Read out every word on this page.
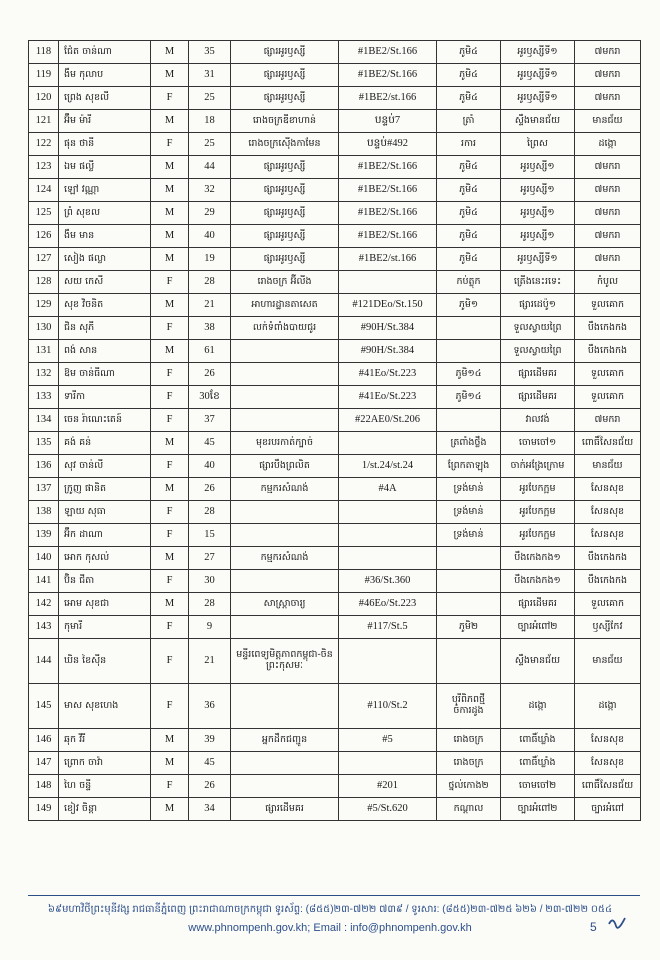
118	ជ៉ែត ចាន់ណា	M	35	ផ្សារអូរឫស្សី	#1BE2/St.166	ភូមិ៤	អូរឫស្សីទី១	៧មករា
119	ងឹម កុលាប	M	31	ផ្សារអូរឫស្សី	#1BE2/St.166	ភូមិ៤	អូរឫស្សីទី១	៧មករា
120	ព្រេង សុខលី	F	25	ផ្សារអូរឫស្សី	#1BE2/st.166	ភូមិ៤	អូរឫស្សីទី១	៧មករា
121	អ៊ឹម ម៉ារី	M	18	រោងចក្រឌីខាហាន់	បន្ទប់7	ត្រាំ	ស្ទឹងមានជ័យ	មានជ័យ
122	ផុន ថានី	F	25	រោងចក្រស៊ើងកាមែន	បន្ទប់#492	រការ	ព្រៃស	ដង្កោ
123	ឯម ផល្លី	M	44	ផ្សារអូរឫស្សី	#1BE2/St.166	ភូមិ៤	អូរឫស្សី១	៧មករា
124	ឡៅ វណ្ណា	M	32	ផ្សារអូរឫស្សី	#1BE2/St.166	ភូមិ៤	អូរឫស្សី១	៧មករា
125	ព្រំ សុខល	M	29	ផ្សារអូរឫស្សី	#1BE2/St.166	ភូមិ៤	អូរឫស្សី១	៧មករា
126	ងឹម មាន	M	40	ផ្សារអូរឫស្សី	#1BE2/St.166	ភូមិ៤	អូរឫស្សី១	៧មករា
127	សៀង ផល្លា	M	19	ផ្សារអូរឫស្សី	#1BE2/st.166	ភូមិ៤	អូរឫស្សីទី១	៧មករា
128	សយ កេសី	F	28	រោងចក្រ អ៊ីលីង		កប់ត្លុក	ត្រើងនេះរទេះ	កំបូល
129	សុខ វិចនិត	M	21	អាហារដ្ឋានតាសេត	#121DEo/St.150	ភូមិ១	ផ្សារដេប៉ូ១	ទួលគោក
130	ជិន សុភី	F	38	លក់ទំពាំងបាយជូរ	#90H/St.384		ទួលស្វាយព្រៃ	បឹងកេងកង
131	ពង់ សាន	M	61		#90H/St.384		ទួលស្វាយព្រៃ	បឹងកេងកង
132	ឱម ចាន់ធីណា	F	26		#41Eo/St.223	ភូមិ១៤	ផ្សារដើមគរ	ទួលគោក
133	ទារីកា	F	30ខែ		#41Eo/St.223	ភូមិ១៤	ផ្សារដើមគរ	ទួលគោក
134	ចេន រ៉ាណេះតេន៍	F	37		#22AE0/St.206		វាលវង់	៧មករា
135	គង់ គន់	M	45	មុខរបរកាត់ក្បាច់		ត្រពាំងថ្លឹង	ចោមចៅ១	ពោធិ៍សែនជ័យ
136	សុវ ចាន់លី	F	40	ផ្សារបឹងព្រលិត	1/st.24/st.24	ព្រែកតាឡុង	ចាក់អង្រែក្រោម	មានជ័យ
137	ក្រូញ ផានិត	M	26	កម្មករសំណង់	#4A	ទ្រង់មាន់	អូរបែកក្អម	សែនសុខ
138	ឡាយ សុធា	F	28			ទ្រង់មាន់	អូរបែកក្អម	សែនសុខ
139	អ៊ឹក ដាណា	F	15			ទ្រង់មាន់	អូរបែកក្អម	សែនសុខ
140	អោក កុសល់	M	27	កម្មករសំណង់			បឹងកេងកង១	បឹងកេងកង
141	ប៊ិន ជីតា	F	30		#36/St.360		បឹងកេងកង១	បឹងកេងកង
142	អោម សុខជា	M	28	សាស្ត្រាចារ្យ	#46Eo/St.223		ផ្សារដើមគរ	ទួលគោក
143	កុមារី	F	9		#117/St.5	ភូមិ២	ច្បារអំពៅ២	ឫស្សីកែវ
144	ឃិន ខៃស៊ីន	F	21	មន្ទីរពេទ្យមិត្តភាពកម្ពុជា-ចិនព្រះកុសមៈ			ស្ទឹងមានជ័យ	មានជ័យ
145	មាស សុខហេង	F	36		#110/St.2	បុរីពិភពថ្មីចំការដូង	ដង្កោ	ដង្កោ
146	ឆុក វីរី	M	39	អ្នកដឹកជញ្ជូន	#5	រោងចក្រ	ពោធិ៍ឃ្លាំង	សែនសុខ
147	ព្រោក ចាវ៉ា	M	45			រោងចក្រ	ពោធិ៍ឃ្លាំង	សែនសុខ
148	ហៃ ចន្ទី	F	26		#201	ថ្នល់កោង២	ចោមចៅ២	ពោធិ៍សែនជ័យ
149	ខៀវ ចិន្តា	M	34	ផ្សារដើមគរ	#5/St.620	កណ្តាល	ច្បារអំពៅ២	ច្បារអំពៅ
៦៩មហាវិថីព្រះមុនីវង្ស រាជធានីភ្នំពេញ ព្រះរាជាណាចក្រកម្ពុជា ទូរស័ព្ទ: (៨៥៥)២៣-៧២២ ៧៣៩ / ទូរសារ: (៨៥៥)២៣-៧២៥ ៦២៦ / ២៣-៧២២ ០៥៤
www.phnompenh.gov.kh; Email : info@phnompenh.gov.kh	5
